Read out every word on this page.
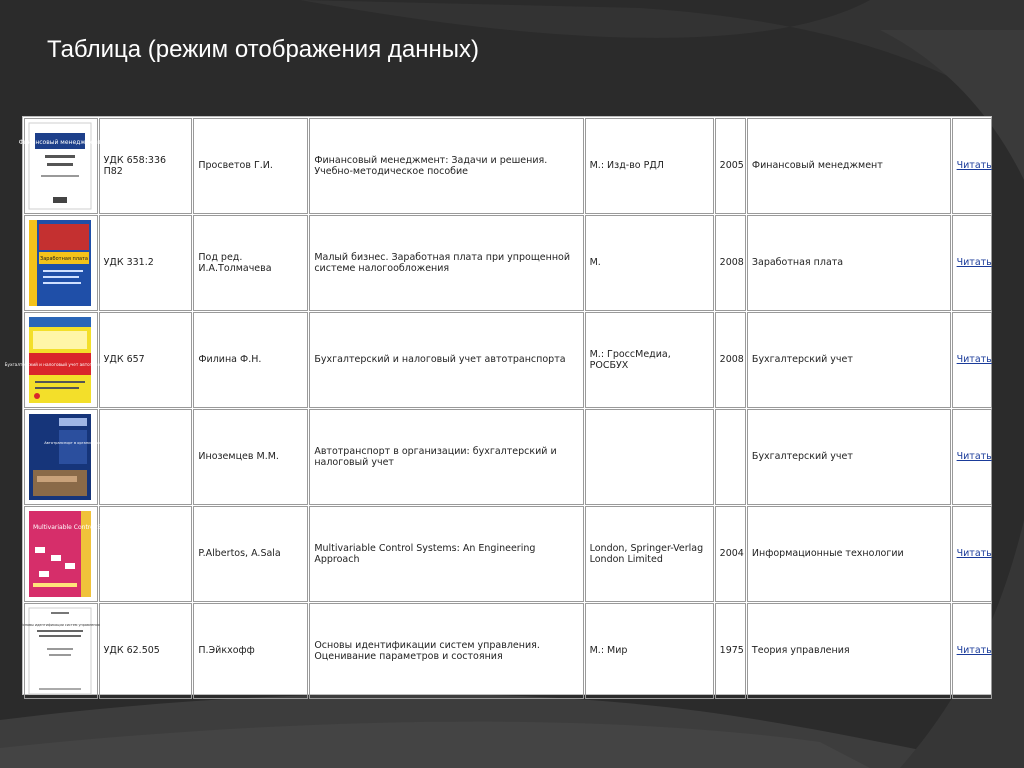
Таблица (режим отображения данных)
Финансовый менеджмент	УДК 658:336 П82	Просветов Г.И.	Финансовый менеджмент: Задачи и решения. Учебно-методическое пособие	М.: Изд-во РДЛ	2005	Финансовый менеджмент	Читать

Заработная плата	УДК 331.2	Под ред. И.А.Толмачева	Малый бизнес. Заработная плата при упрощенной системе налогообложения	М.	2008	Заработная плата	Читать

Бухгалтерский и налоговый учет автотранспорта	УДК 657	Филина Ф.Н.	Бухгалтерский и налоговый учет автотранспорта	М.: ГроссМедиа, РОСБУХ	2008	Бухгалтерский учет	Читать

Автотранспорт в организации		Иноземцев М.М.	Автотранспорт в организации: бухгалтерский и налоговый учет			Бухгалтерский учет	Читать

Multivariable Control Systems		P.Albertos, A.Sala	Multivariable Control Systems: An Engineering Approach	London, Springer-Verlag London Limited	2004	Информационные технологии	Читать

Основы идентификации систем управления	УДК 62.505	П.Эйкхофф	Основы идентификации систем управления. Оценивание параметров и состояния	М.: Мир	1975	Теория управления	Читать
